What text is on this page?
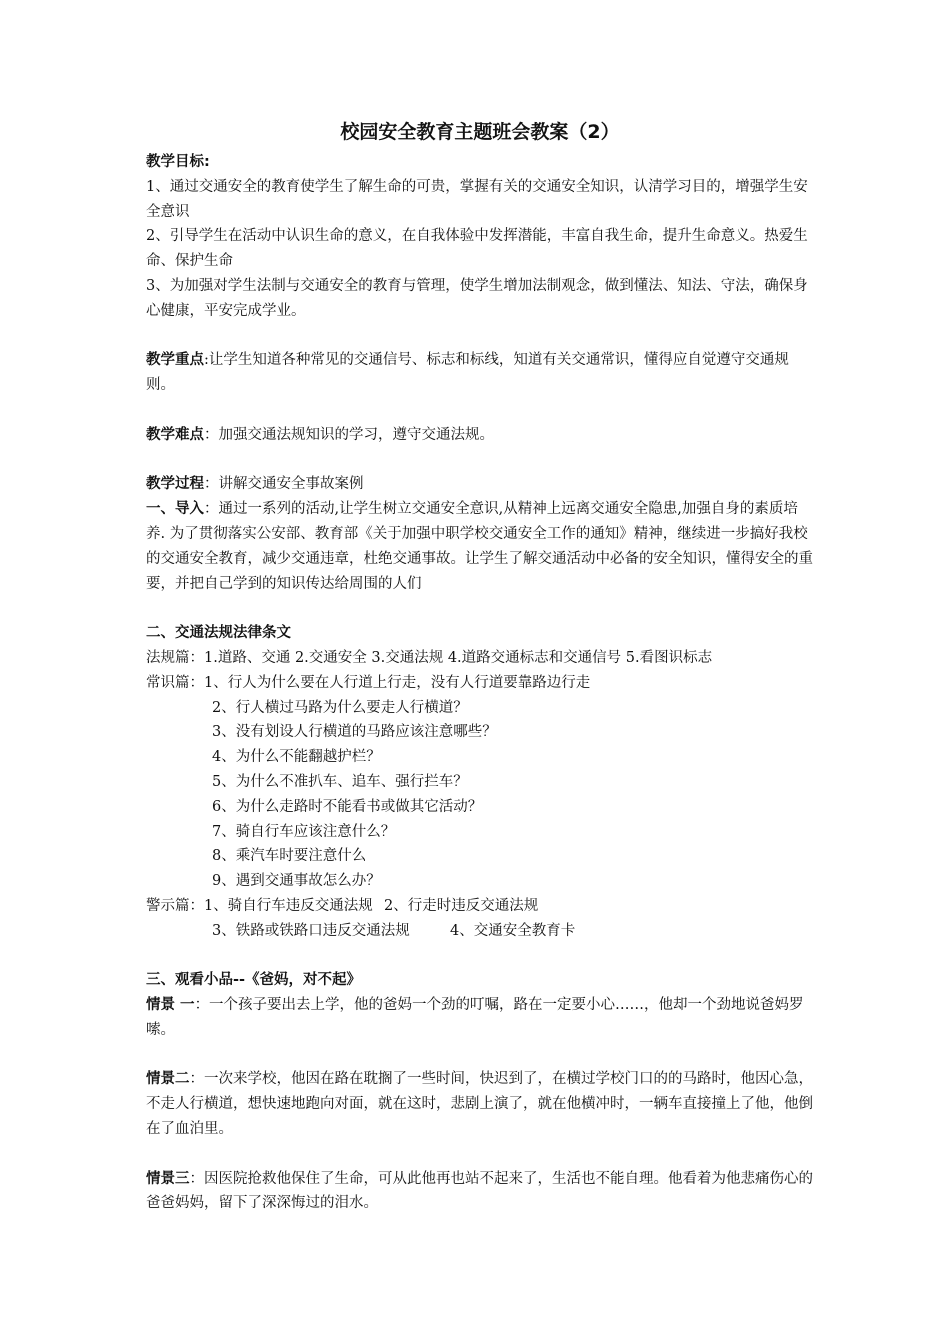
校园安全教育主题班会教案（2）
教学目标:
1、通过交通安全的教育使学生了解生命的可贵，掌握有关的交通安全知识，认清学习目的，增强学生安全意识
2、引导学生在活动中认识生命的意义，在自我体验中发挥潜能，丰富自我生命，提升生命意义。热爱生命、保护生命
3、为加强对学生法制与交通安全的教育与管理，使学生增加法制观念，做到懂法、知法、守法，确保身心健康，平安完成学业。
教学重点:让学生知道各种常见的交通信号、标志和标线，知道有关交通常识，懂得应自觉遵守交通规则。
教学难点：加强交通法规知识的学习，遵守交通法规。
教学过程：讲解交通安全事故案例
一、导入：通过一系列的活动,让学生树立交通安全意识,从精神上远离交通安全隐患,加强自身的素质培养. 为了贯彻落实公安部、教育部《关于加强中职学校交通安全工作的通知》精神，继续进一步搞好我校的交通安全教育，减少交通违章，杜绝交通事故。让学生了解交通活动中必备的安全知识，懂得安全的重要，并把自己学到的知识传达给周围的人们
二、交通法规法律条文
法规篇：1.道路、交通 2.交通安全 3.交通法规 4.道路交通标志和交通信号 5.看图识标志
常识篇：1、行人为什么要在人行道上行走，没有人行道要靠路边行走
2、行人横过马路为什么要走人行横道？
3、没有划设人行横道的马路应该注意哪些？
4、为什么不能翻越护栏？
5、为什么不准扒车、追车、强行拦车？
6、为什么走路时不能看书或做其它活动？
7、骑自行车应该注意什么？
8、乘汽车时要注意什么
9、遇到交通事故怎么办？
警示篇：1、骑自行车违反交通法规 2、行走时违反交通法规
3、铁路或铁路口违反交通法规	4、交通安全教育卡
三、观看小品--《爸妈，对不起》
情景 一：一个孩子要出去上学，他的爸妈一个劲的叮嘱，路在一定要小心……，他却一个劲地说爸妈罗嗦。
情景二：一次来学校，他因在路在耽搁了一些时间，快迟到了，在横过学校门口的的马路时，他因心急，不走人行横道，想快速地跑向对面，就在这时，悲剧上演了，就在他横冲时，一辆车直接撞上了他，他倒在了血泊里。
情景三：因医院抢救他保住了生命，可从此他再也站不起来了，生活也不能自理。他看着为他悲痛伤心的爸爸妈妈，留下了深深悔过的泪水。
